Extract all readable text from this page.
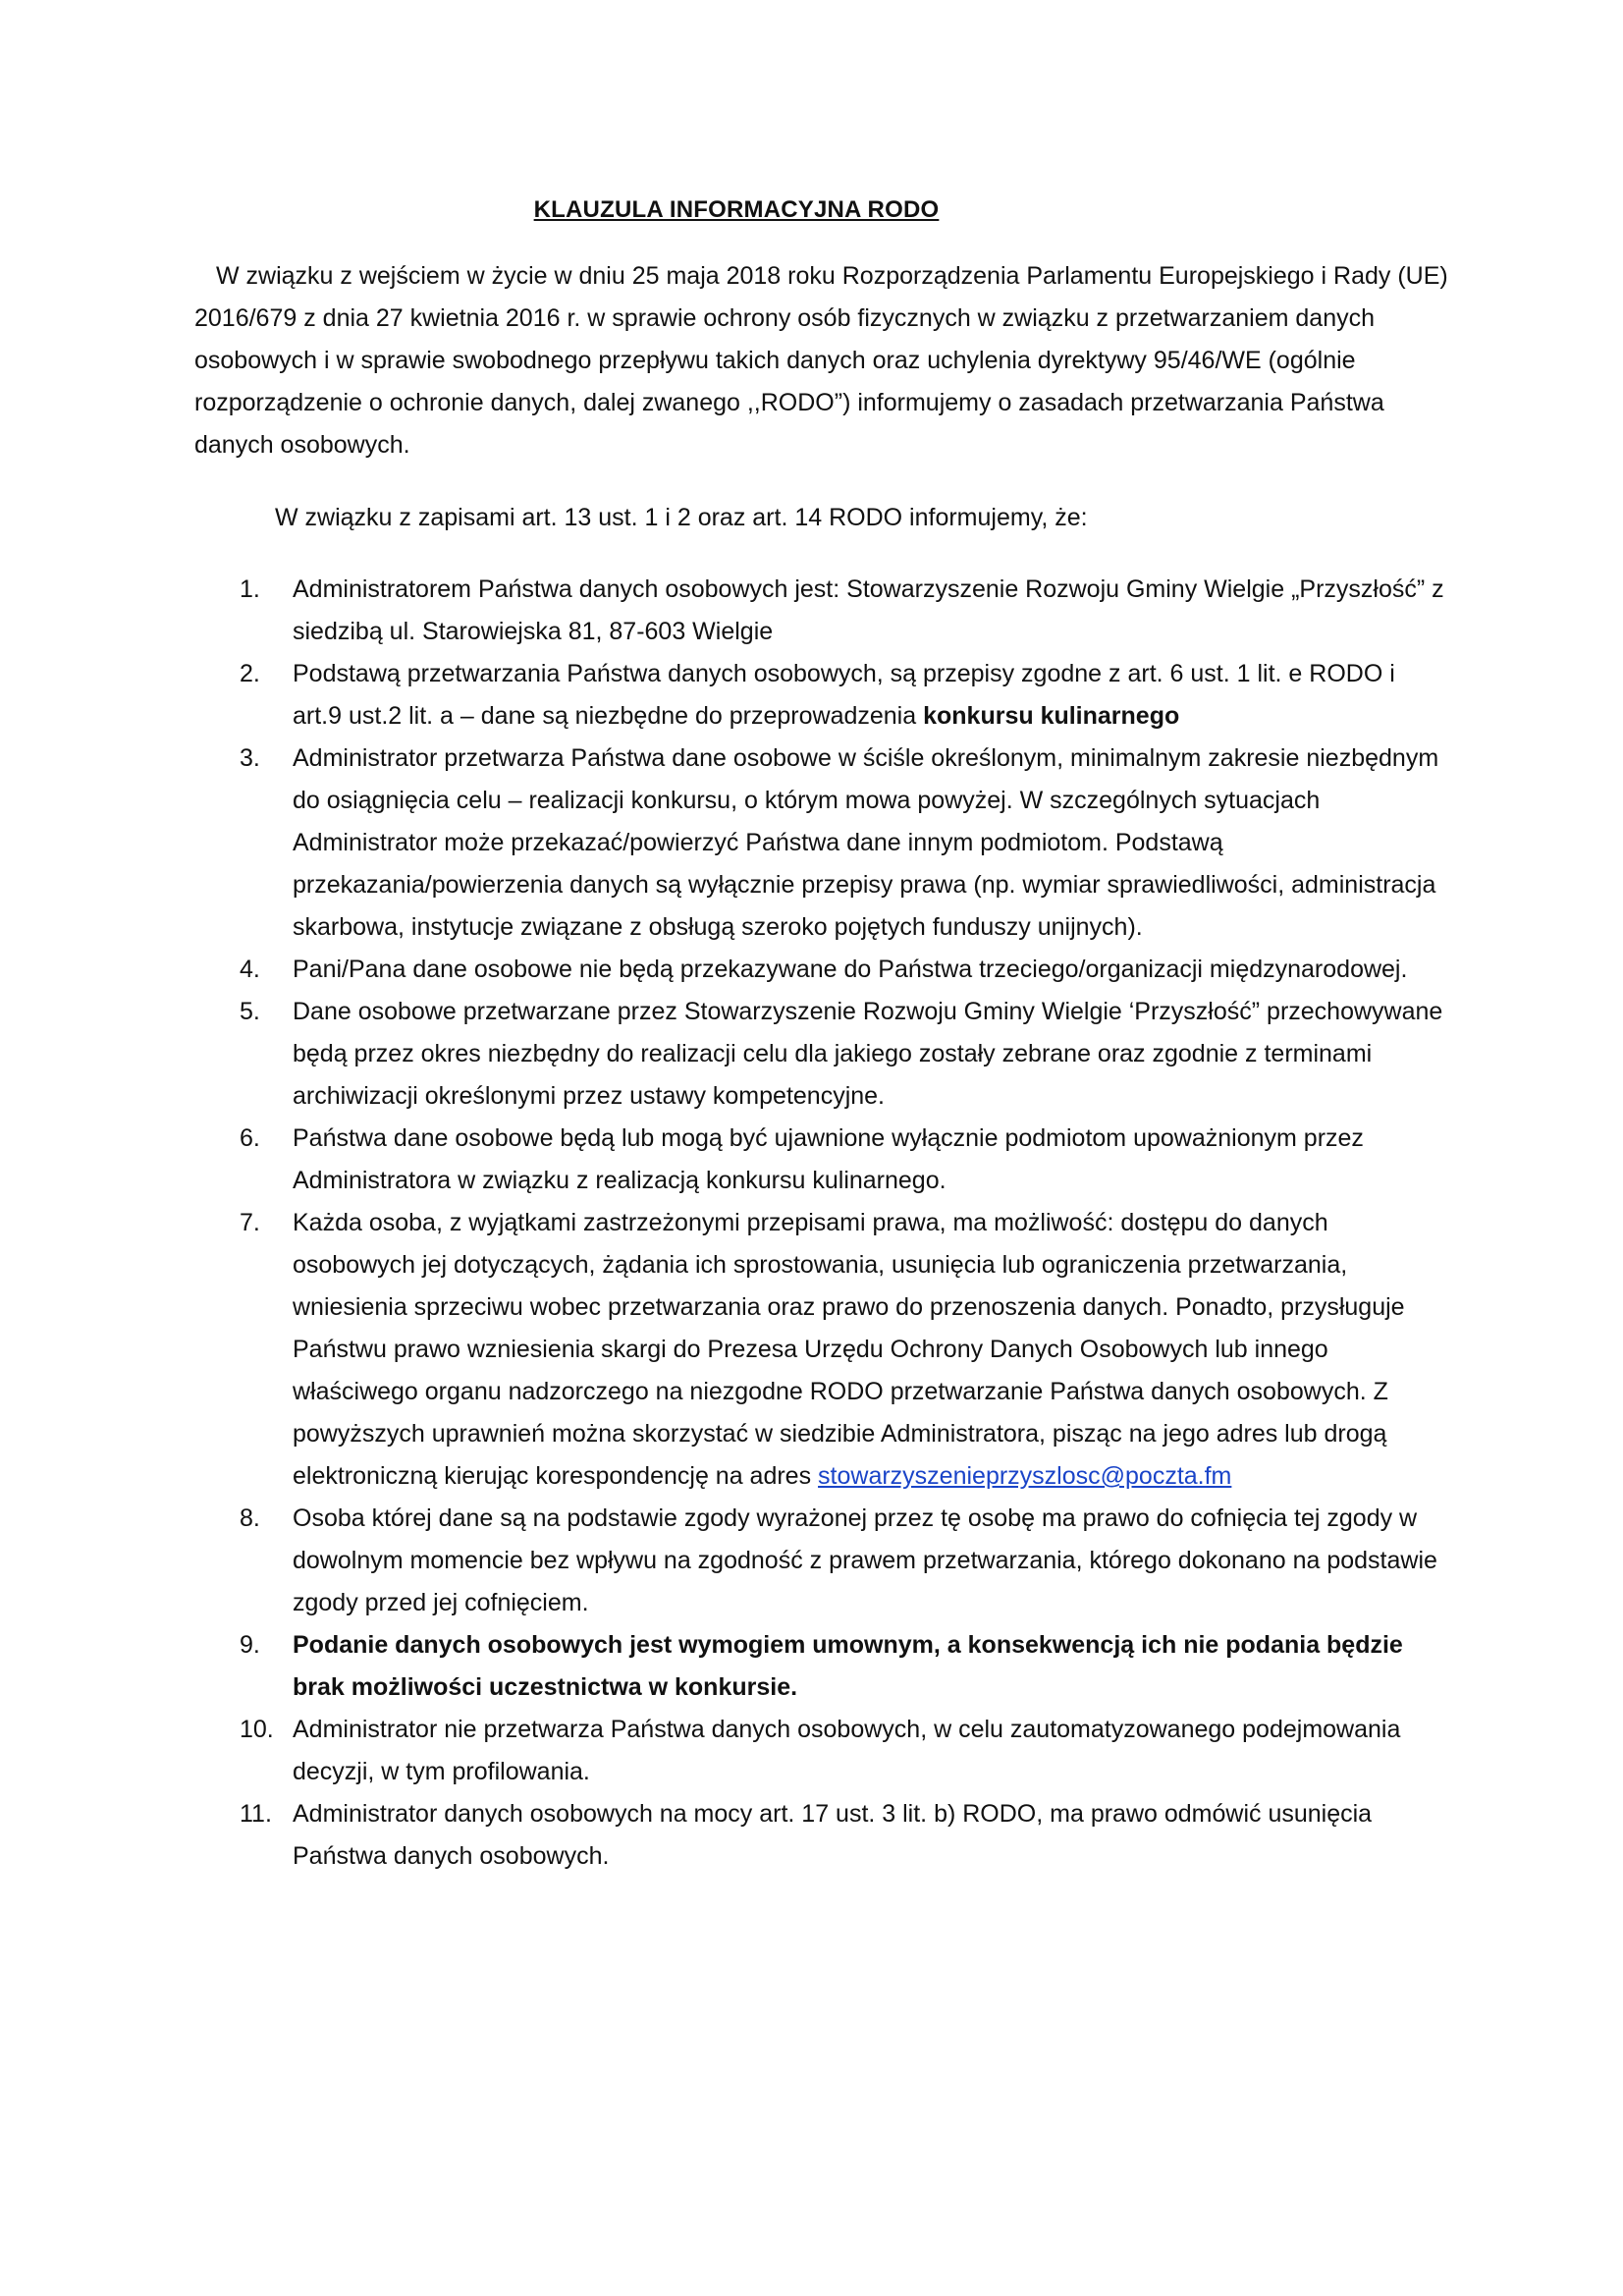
KLAUZULA INFORMACYJNA RODO

W związku z wejściem w życie w dniu 25 maja 2018 roku Rozporządzenia Parlamentu Europejskiego i Rady (UE) 2016/679 z dnia 27 kwietnia 2016 r. w sprawie ochrony osób fizycznych w związku z przetwarzaniem danych osobowych i w sprawie swobodnego przepływu takich danych oraz uchylenia dyrektywy 95/46/WE (ogólnie rozporządzenie o ochronie danych, dalej zwanego ,,RODO”) informujemy o zasadach przetwarzania Państwa danych osobowych.

W związku z zapisami art. 13 ust. 1 i 2 oraz art. 14 RODO informujemy, że:

1.	Administratorem Państwa danych osobowych jest: Stowarzyszenie Rozwoju Gminy Wielgie „Przyszłość” z siedzibą ul. Starowiejska 81, 87-603 Wielgie
2.	Podstawą przetwarzania Państwa danych osobowych, są przepisy zgodne z art. 6 ust. 1 lit. e RODO i art.9 ust.2 lit. a – dane są niezbędne do przeprowadzenia konkursu kulinarnego
3.	Administrator przetwarza Państwa dane osobowe w ściśle określonym, minimalnym zakresie niezbędnym do osiągnięcia celu – realizacji konkursu, o którym mowa powyżej. W szczególnych sytuacjach Administrator może przekazać/powierzyć Państwa dane innym podmiotom. Podstawą przekazania/powierzenia danych są wyłącznie przepisy prawa (np. wymiar sprawiedliwości, administracja skarbowa, instytucje związane z obsługą szeroko pojętych funduszy unijnych).
4.	Pani/Pana dane osobowe nie będą przekazywane do Państwa trzeciego/organizacji międzynarodowej.
5.	Dane osobowe przetwarzane przez Stowarzyszenie Rozwoju Gminy Wielgie ‘Przyszłość” przechowywane będą przez okres niezbędny do realizacji celu dla jakiego zostały zebrane oraz zgodnie z terminami archiwizacji określonymi przez ustawy kompetencyjne.
6.	Państwa dane osobowe będą lub mogą być ujawnione wyłącznie podmiotom upoważnionym przez Administratora w związku z realizacją konkursu kulinarnego.
7.	Każda osoba, z wyjątkami zastrzeżonymi przepisami prawa, ma możliwość: dostępu do danych osobowych jej dotyczących, żądania ich sprostowania, usunięcia lub ograniczenia przetwarzania, wniesienia sprzeciwu wobec przetwarzania oraz prawo do przenoszenia danych. Ponadto, przysługuje Państwu prawo wzniesienia skargi do Prezesa Urzędu Ochrony Danych Osobowych lub innego właściwego organu nadzorczego na niezgodne RODO przetwarzanie Państwa danych osobowych. Z powyższych uprawnień można skorzystać w siedzibie Administratora, pisząc na jego adres lub drogą elektroniczną kierując korespondencję na adres stowarzyszenieprzyszlosc@poczta.fm
8.	Osoba której dane są na podstawie zgody wyrażonej przez tę osobę ma prawo do cofnięcia tej zgody w dowolnym momencie bez wpływu na zgodność z prawem przetwarzania, którego dokonano na podstawie zgody przed jej cofnięciem.
9.	Podanie danych osobowych jest wymogiem umownym, a konsekwencją ich nie podania będzie brak możliwości uczestnictwa w konkursie.
10. Administrator nie przetwarza Państwa danych osobowych, w celu zautomatyzowanego podejmowania decyzji, w tym profilowania.
11. Administrator danych osobowych na mocy art. 17 ust. 3 lit. b) RODO, ma prawo odmówić usunięcia Państwa danych osobowych.
